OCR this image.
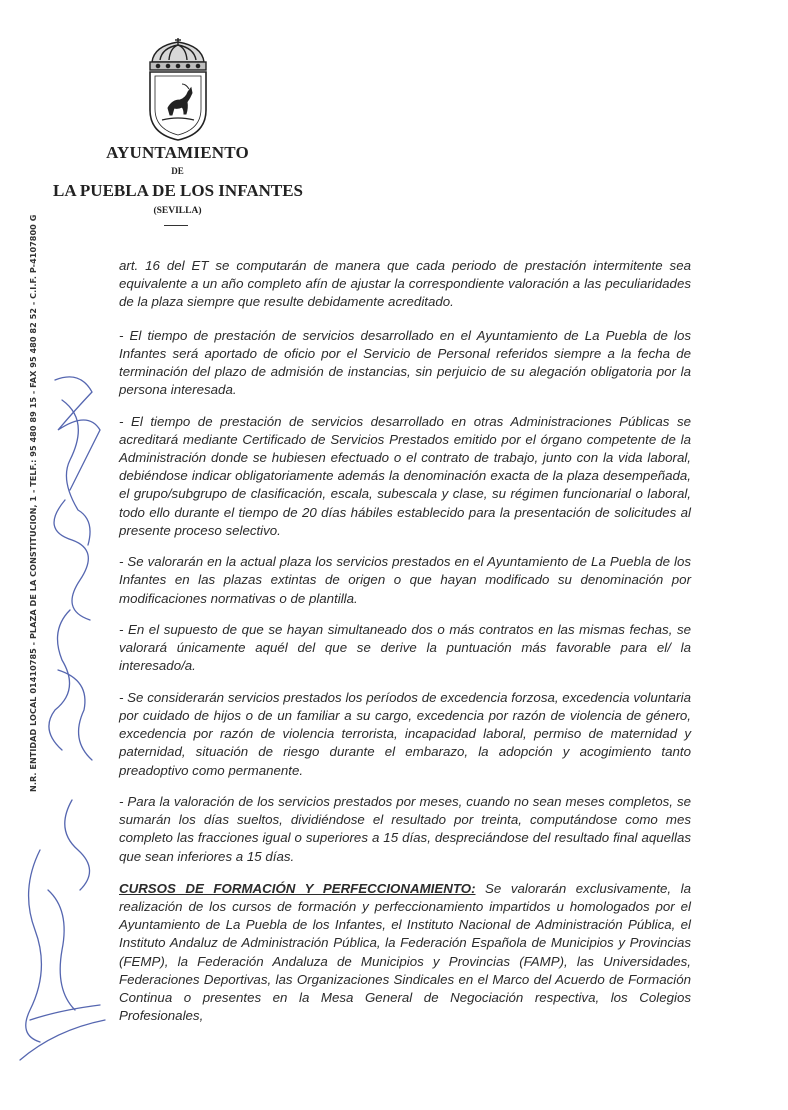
AYUNTAMIENTO
DE
LA PUEBLA DE LOS INFANTES
(SEVILLA)
N.R. ENTIDAD LOCAL 01410785 - PLAZA DE LA CONSTITUCION, 1 - TELF.: 95 480 89 15 - FAX 95 480 82 52 - C.I.F. P-4107800 G	art. 16 del ET se computarán de manera que cada periodo de prestación intermitente sea equivalente a un año completo afín de ajustar la correspondiente valoración a las peculiaridades de la plaza siempre que resulte debidamente acreditado.

- El tiempo de prestación de servicios desarrollado en el Ayuntamiento de La Puebla de los Infantes será aportado de oficio por el Servicio de Personal referidos siempre a la fecha de terminación del plazo de admisión de instancias, sin perjuicio de su alegación obligatoria por la persona interesada.

- El tiempo de prestación de servicios desarrollado en otras Administraciones Públicas se acreditará mediante Certificado de Servicios Prestados emitido por el órgano competente de la Administración donde se hubiesen efectuado o el contrato de trabajo, junto con la vida laboral, debiéndose indicar obligatoriamente además la denominación exacta de la plaza desempeñada, el grupo/subgrupo de clasificación, escala, subescala y clase, su régimen funcionarial o laboral, todo ello durante el tiempo de 20 días hábiles establecido para la presentación de solicitudes al presente proceso selectivo.

- Se valorarán en la actual plaza los servicios prestados en el Ayuntamiento de La Puebla de los Infantes en las plazas extintas de origen o que hayan modificado su denominación por modificaciones normativas o de plantilla.

- En el supuesto de que se hayan simultaneado dos o más contratos en las mismas fechas, se valorará únicamente aquél del que se derive la puntuación más favorable para el/ la interesado/a.

- Se considerarán servicios prestados los períodos de excedencia forzosa, excedencia voluntaria por cuidado de hijos o de un familiar a su cargo, excedencia por razón de violencia de género, excedencia por razón de violencia terrorista, incapacidad laboral, permiso de maternidad y paternidad, situación de riesgo durante el embarazo, la adopción y acogimiento tanto preadoptivo como permanente.

- Para la valoración de los servicios prestados por meses, cuando no sean meses completos, se sumarán los días sueltos, dividiéndose el resultado por treinta, computándose como mes completo las fracciones igual o superiores a 15 días, despreciándose del resultado final aquellas que sean inferiores a 15 días.

CURSOS DE FORMACIÓN Y PERFECCIONAMIENTO: Se valorarán exclusivamente, la realización de los cursos de formación y perfeccionamiento impartidos u homologados por el Ayuntamiento de La Puebla de los Infantes, el Instituto Nacional de Administración Pública, el Instituto Andaluz de Administración Pública, la Federación Española de Municipios y Provincias (FEMP), la Federación Andaluza de Municipios y Provincias (FAMP), las Universidades, Federaciones Deportivas, las Organizaciones Sindicales en el Marco del Acuerdo de Formación Continua o presentes en la Mesa General de Negociación respectiva, los Colegios Profesionales,
